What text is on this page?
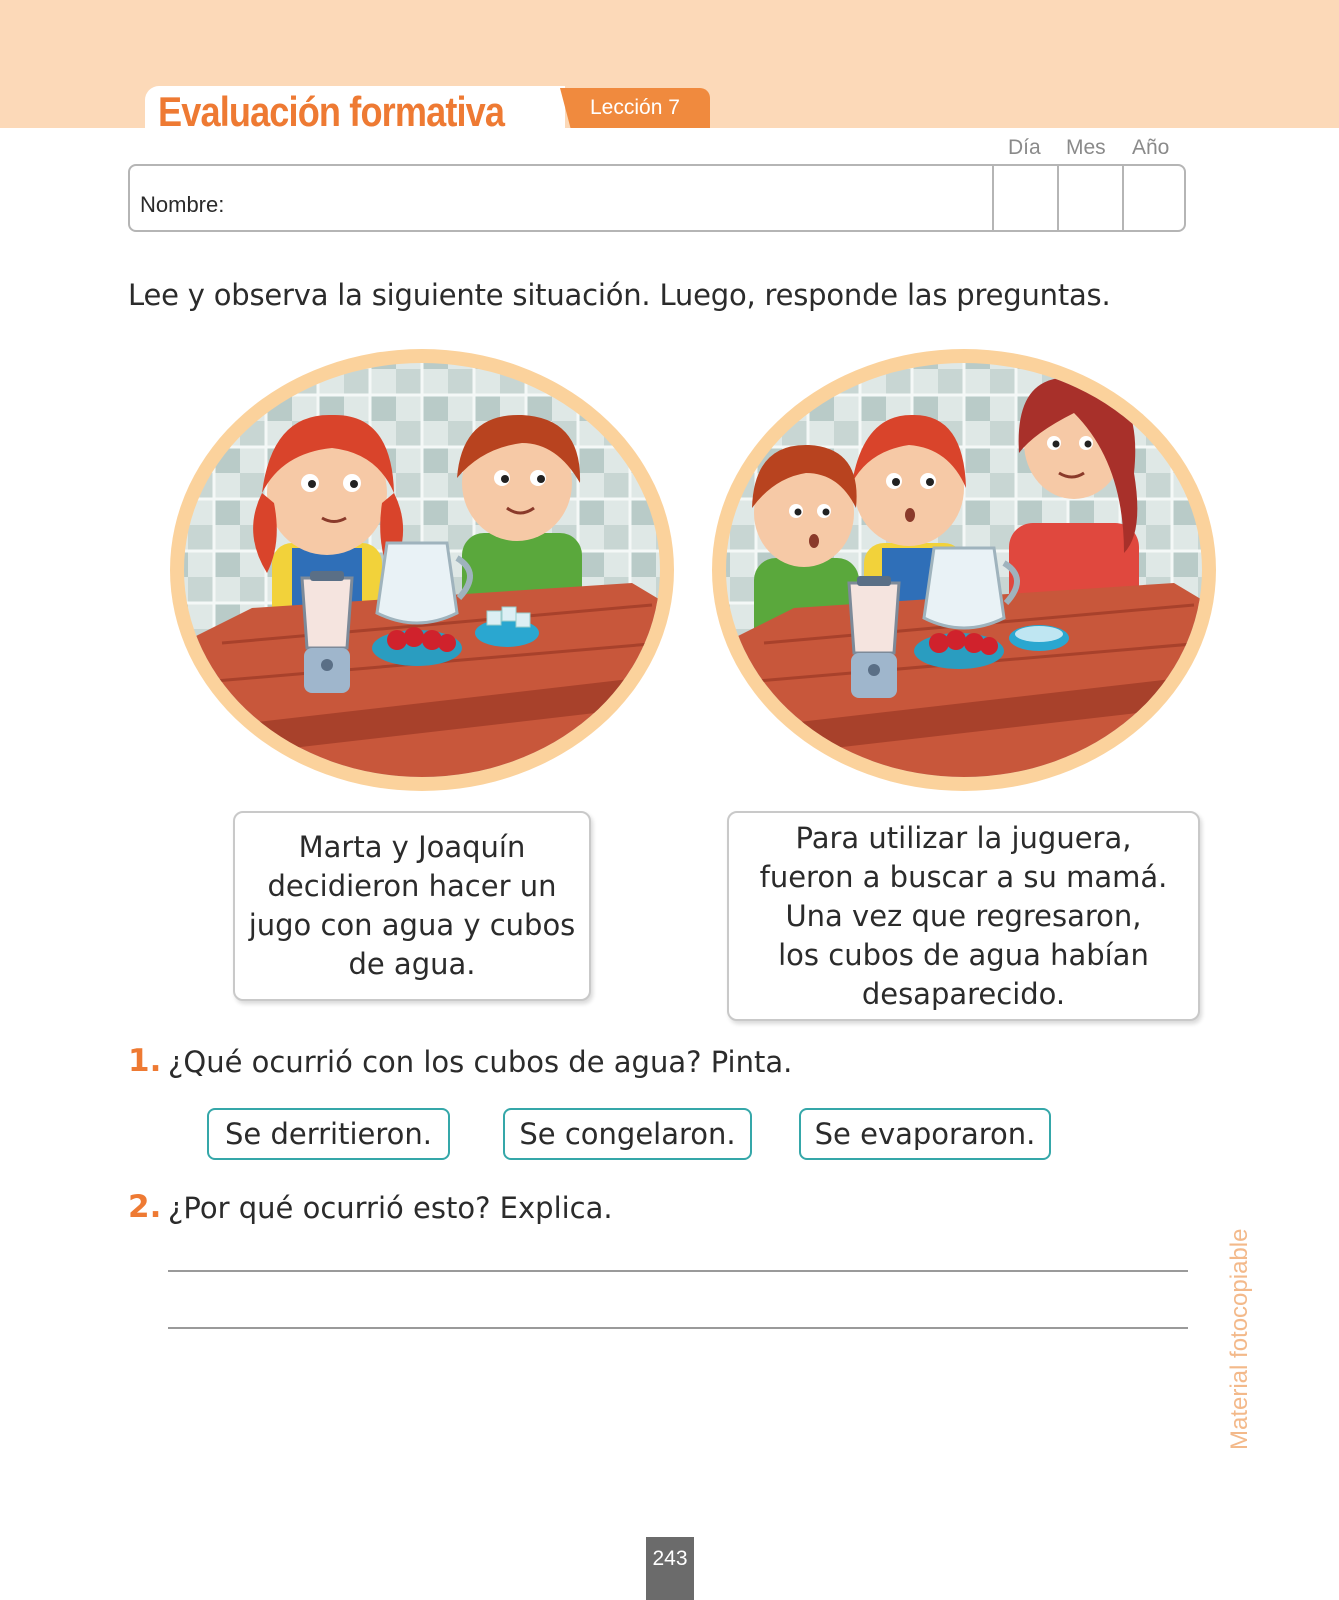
Evaluación formativa	Lección 7
Día Mes Año
Nombre:
Lee y observa la siguiente situación. Luego, responde las preguntas.
Marta y Joaquín
decidieron hacer un
jugo con agua y cubos
de agua.
Para utilizar la juguera,
fueron a buscar a su mamá.
Una vez que regresaron,
los cubos de agua habían
desaparecido.
1. ¿Qué ocurrió con los cubos de agua? Pinta.
Se derritieron.	Se congelaron.	Se evaporaron.
2. ¿Por qué ocurrió esto? Explica.
Material fotocopiable
243
